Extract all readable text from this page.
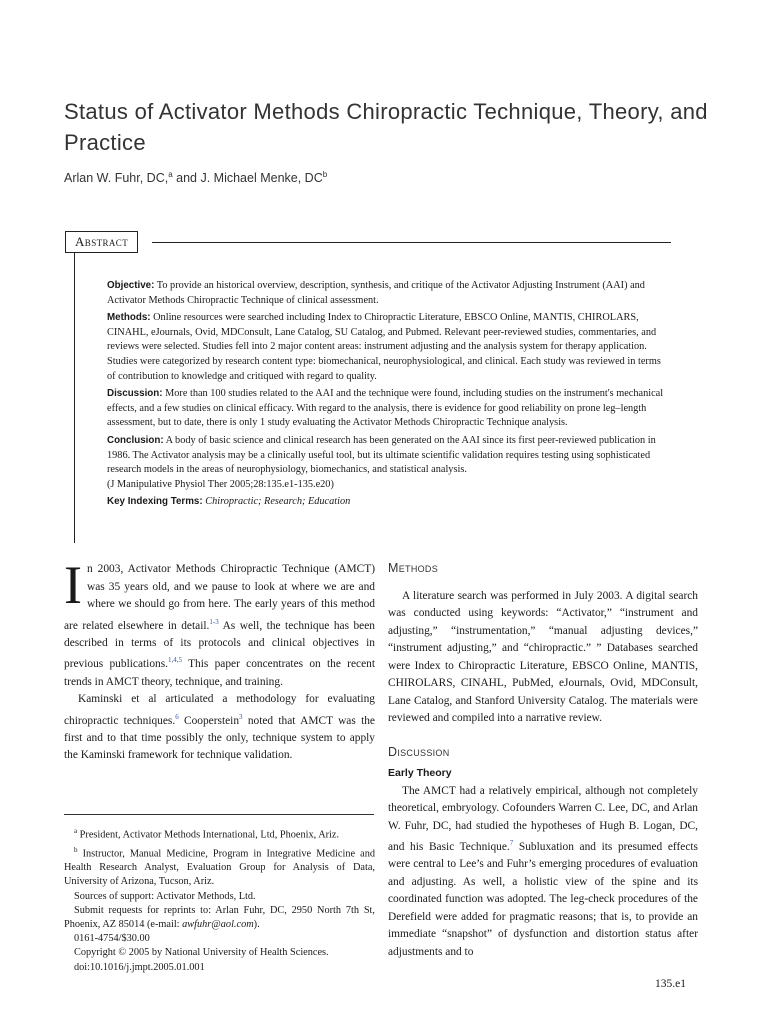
Status of Activator Methods Chiropractic Technique, Theory, and Practice
Arlan W. Fuhr, DC,$^a$ and J. Michael Menke, $DC^b$
Abstract

Objective: To provide an historical overview, description, synthesis, and critique of the Activator Adjusting Instrument (AAI) and Activator Methods Chiropractic Technique of clinical assessment.

Methods: Online resources were searched including Index to Chiropractic Literature, EBSCO Online, MANTIS, CHIROLARS, CINAHL, eJournals, Ovid, MDConsult, Lane Catalog, SU Catalog, and Pubmed. Relevant peer-reviewed studies, commentaries, and reviews were selected. Studies fell into 2 major content areas: instrument adjusting and the analysis system for therapy application. Studies were categorized by research content type: biomechanical, neurophysiological, and clinical. Each study was reviewed in terms of contribution to knowledge and critiqued with regard to quality.

Discussion: More than 100 studies related to the AAI and the technique were found, including studies on the instrument's mechanical effects, and a few studies on clinical efficacy. With regard to the analysis, there is evidence for good reliability on prone leg–length assessment, but to date, there is only 1 study evaluating the Activator Methods Chiropractic Technique analysis.

Conclusion: A body of basic science and clinical research has been generated on the AAI since its first peer-reviewed publication in 1986. The Activator analysis may be a clinically useful tool, but its ultimate scientific validation requires testing using sophisticated research models in the areas of neurophysiology, biomechanics, and statistical analysis.

(J Manipulative Physiol Ther 2005;28:135.e1-135.e20)

Key Indexing Terms: Chiropractic; Research; Education

In 2003, Activator Methods Chiropractic Technique (AMCT) was 35 years old, and we pause to look at where we are and where we should go from here. The early years of this method are related elsewhere in detail.$^{1-3}$ As well, the technique has been described in terms of its protocols and clinical objectives in previous publications.$^{1,4,5}$ This paper concentrates on the recent trends in AMCT theory, technique, and training.

Kaminski et al articulated a methodology for evaluating chiropractic techniques.$^6$ Cooperstein$^3$ noted that AMCT was the first and to that time possibly the only, technique system to apply the Kaminski framework for technique validation.

$^a$ President, Activator Methods International, Ltd, Phoenix, Ariz.

$^b$ Instructor, Manual Medicine, Program in Integrative Medicine and Health Research Analyst, Evaluation Group for Analysis of Data, University of Arizona, Tucson, Ariz.

Sources of support: Activator Methods, Ltd.

Submit requests for reprints to: Arlan Fuhr, DC, 2950 North 7th St, Phoenix, AZ 85014 (e-mail: awfuhr@aol.com).

0161-4754/$30.00

Copyright © 2005 by National University of Health Sciences.

doi:10.1016/j.jmpt.2005.01.001

Methods

A literature search was performed in July 2003. A digital search was conducted using keywords: “Activator,” “instrument and adjusting,” “instrumentation,” “manual adjusting devices,” “instrument adjusting,” and “chiropractic.” ” Databases searched were Index to Chiropractic Literature, EBSCO Online, MANTIS, CHIROLARS, CINAHL, PubMed, eJournals, Ovid, MDConsult, Lane Catalog, and Stanford University Catalog. The materials were reviewed and compiled into a narrative review.

Discussion
Early Theory

The AMCT had a relatively empirical, although not completely theoretical, embryology. Cofounders Warren C. Lee, DC, and Arlan W. Fuhr, DC, had studied the hypotheses of Hugh B. Logan, DC, and his Basic Technique.$^7$ Subluxation and its presumed effects were central to Lee’s and Fuhr’s emerging procedures of evaluation and adjusting. As well, a holistic view of the spine and its coordinated function was adopted. The leg-check procedures of the Derefield were added for pragmatic reasons; that is, to provide an immediate “snapshot” of dysfunction and distortion status after adjustments and to

135.e1
